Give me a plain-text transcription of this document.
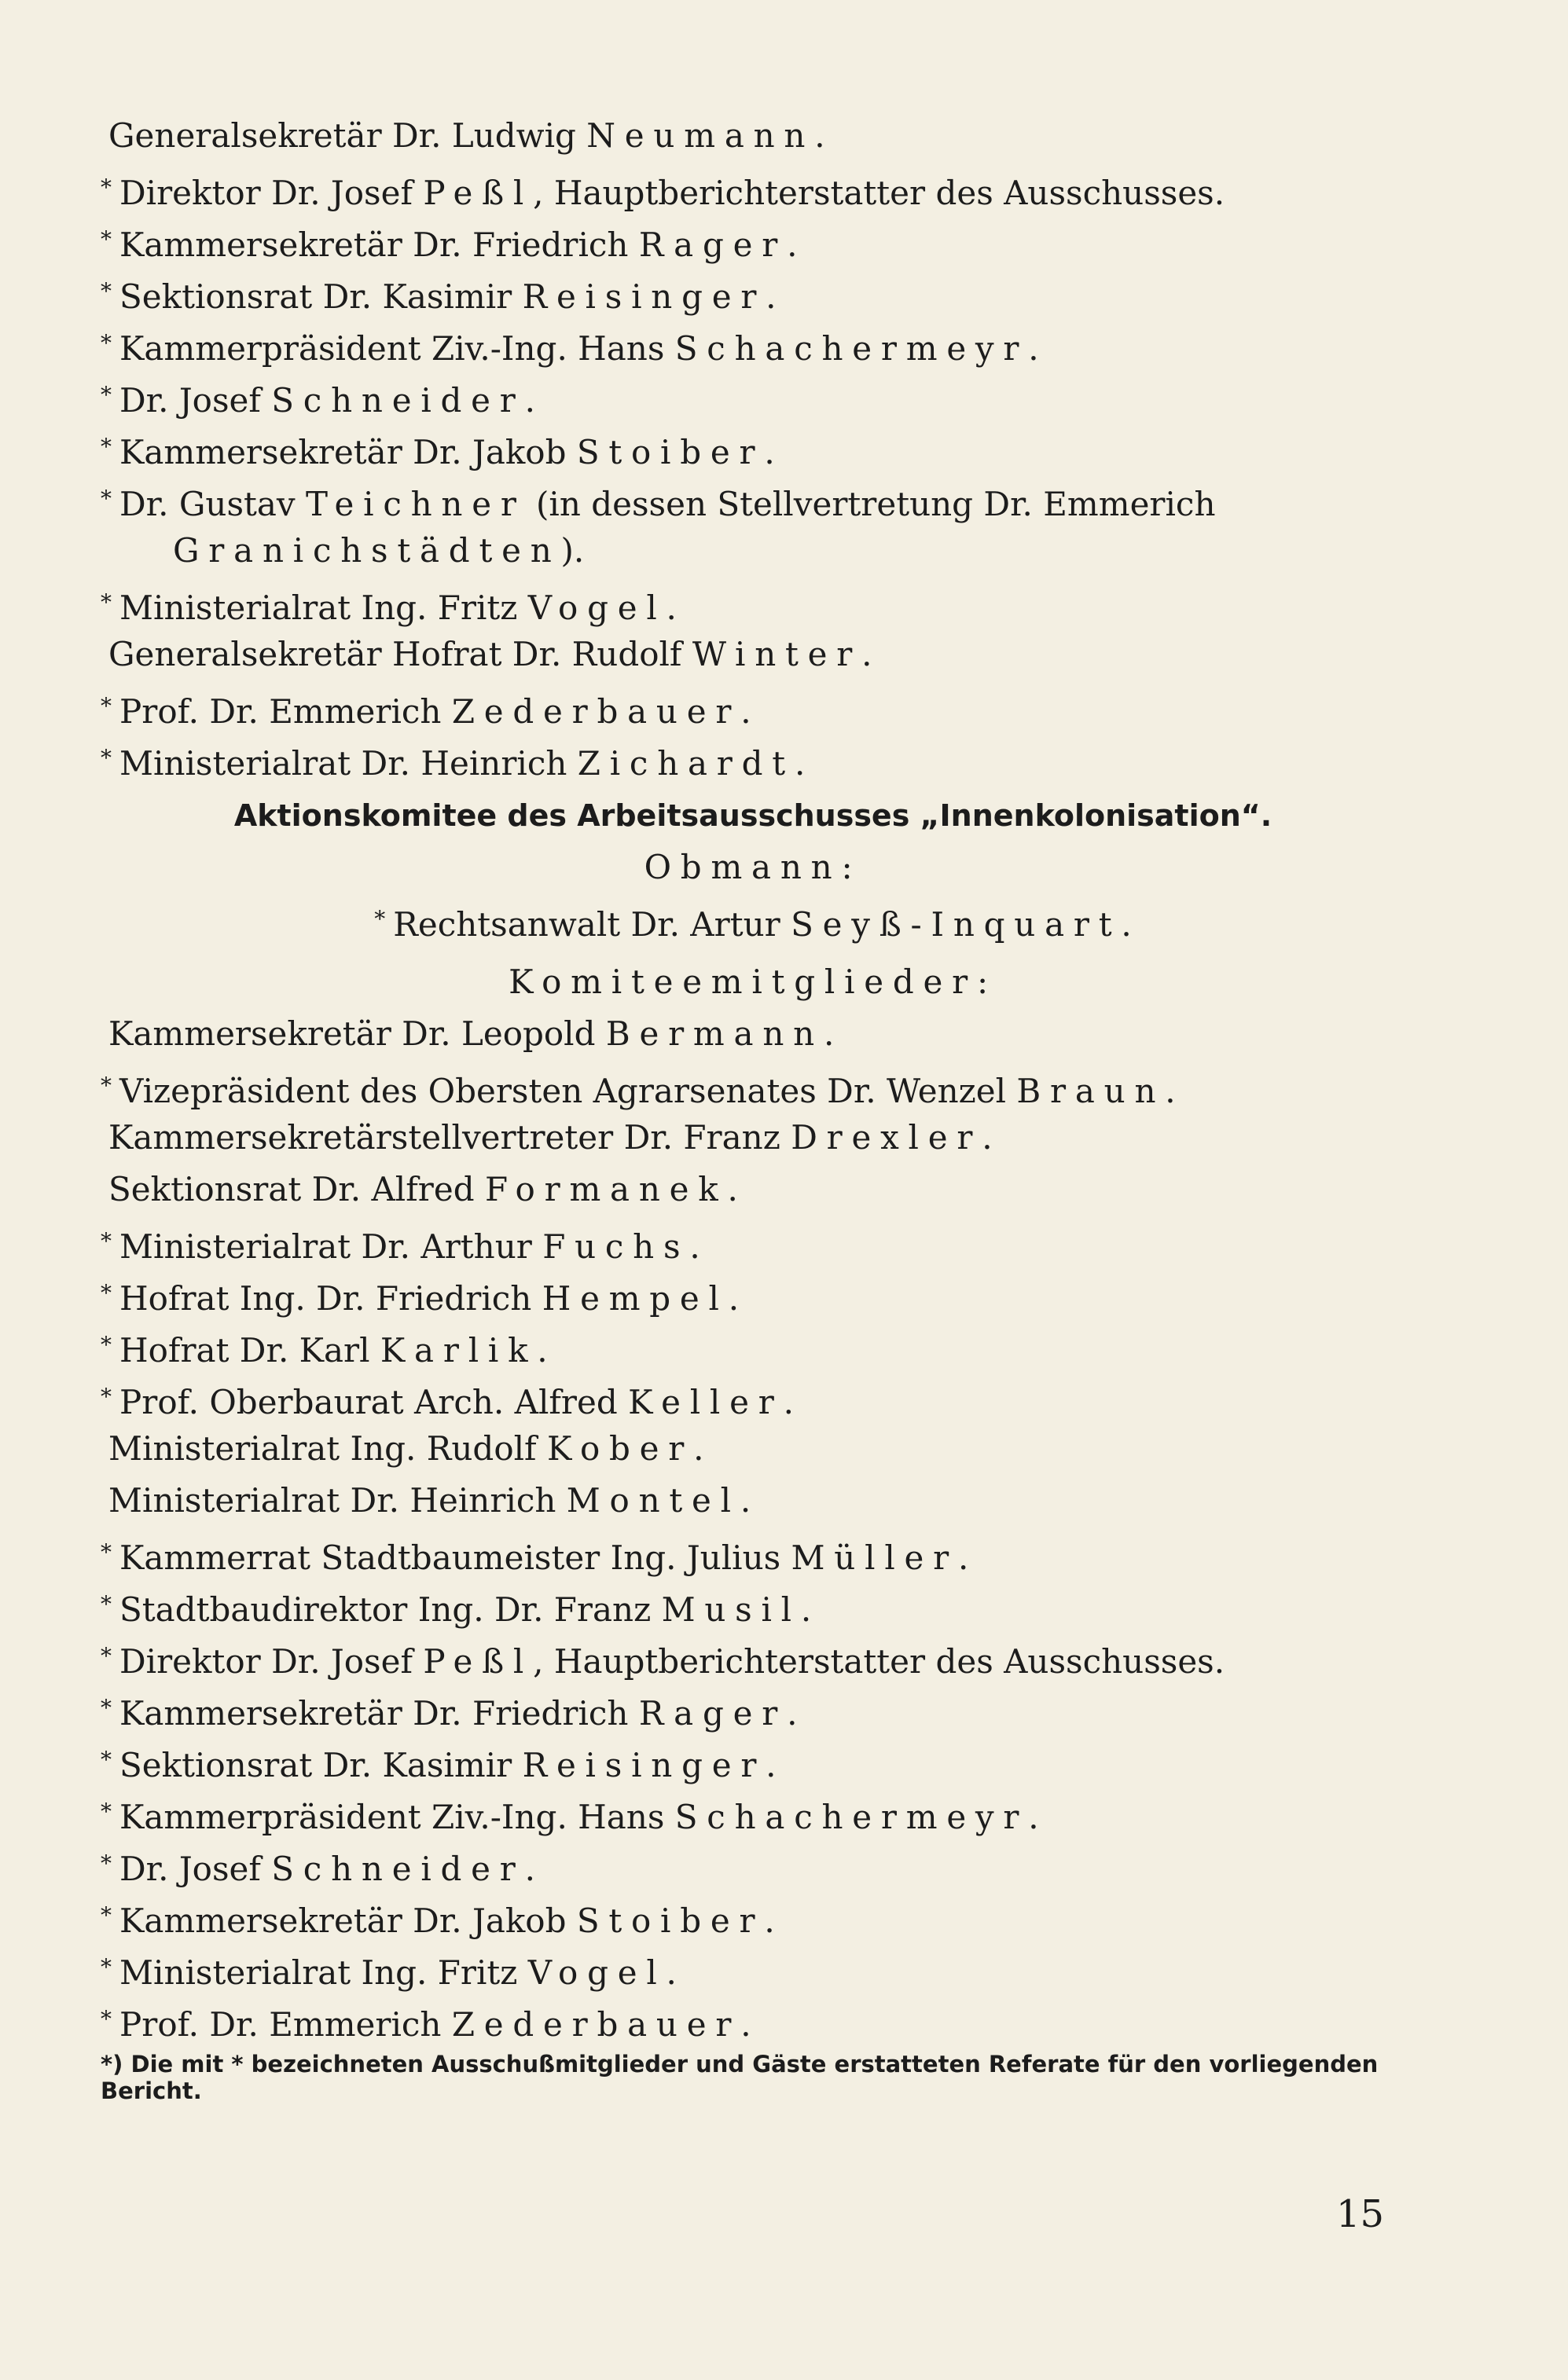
Generalsekretär Dr. Ludwig Neumann.
* Direktor Dr. Josef Peßl, Hauptberichterstatter des Ausschusses.
* Kammersekretär Dr. Friedrich Rager.
* Sektionsrat Dr. Kasimir Reisinger.
* Kammerpräsident Ziv.-Ing. Hans Schachermeyr.
* Dr. Josef Schneider.
* Kammersekretär Dr. Jakob Stoiber.
* Dr. Gustav Teichner (in dessen Stellvertretung Dr. Emmerich
Granichstädten).
* Ministerialrat Ing. Fritz Vogel.
Generalsekretär Hofrat Dr. Rudolf Winter.
* Prof. Dr. Emmerich Zederbauer.
* Ministerialrat Dr. Heinrich Zichardt.
Aktionskomitee des Arbeitsausschusses „Innenkolonisation“.
Obmann:
* Rechtsanwalt Dr. Artur Seyß-Inquart.
Komiteemitglieder:
Kammersekretär Dr. Leopold Bermann.
* Vizepräsident des Obersten Agrarsenates Dr. Wenzel Braun.
Kammersekretärstellvertreter Dr. Franz Drexler.
Sektionsrat Dr. Alfred Formanek.
* Ministerialrat Dr. Arthur Fuchs.
* Hofrat Ing. Dr. Friedrich Hempel.
* Hofrat Dr. Karl Karlik.
* Prof. Oberbaurat Arch. Alfred Keller.
Ministerialrat Ing. Rudolf Kober.
Ministerialrat Dr. Heinrich Montel.
* Kammerrat Stadtbaumeister Ing. Julius Müller.
* Stadtbaudirektor Ing. Dr. Franz Musil.
* Direktor Dr. Josef Peßl, Hauptberichterstatter des Ausschusses.
* Kammersekretär Dr. Friedrich Rager.
* Sektionsrat Dr. Kasimir Reisinger.
* Kammerpräsident Ziv.-Ing. Hans Schachermeyr.
* Dr. Josef Schneider.
* Kammersekretär Dr. Jakob Stoiber.
* Ministerialrat Ing. Fritz Vogel.
* Prof. Dr. Emmerich Zederbauer.
*) Die mit * bezeichneten Ausschußmitglieder und Gäste erstatteten Referate für den vorliegenden Bericht.
15
